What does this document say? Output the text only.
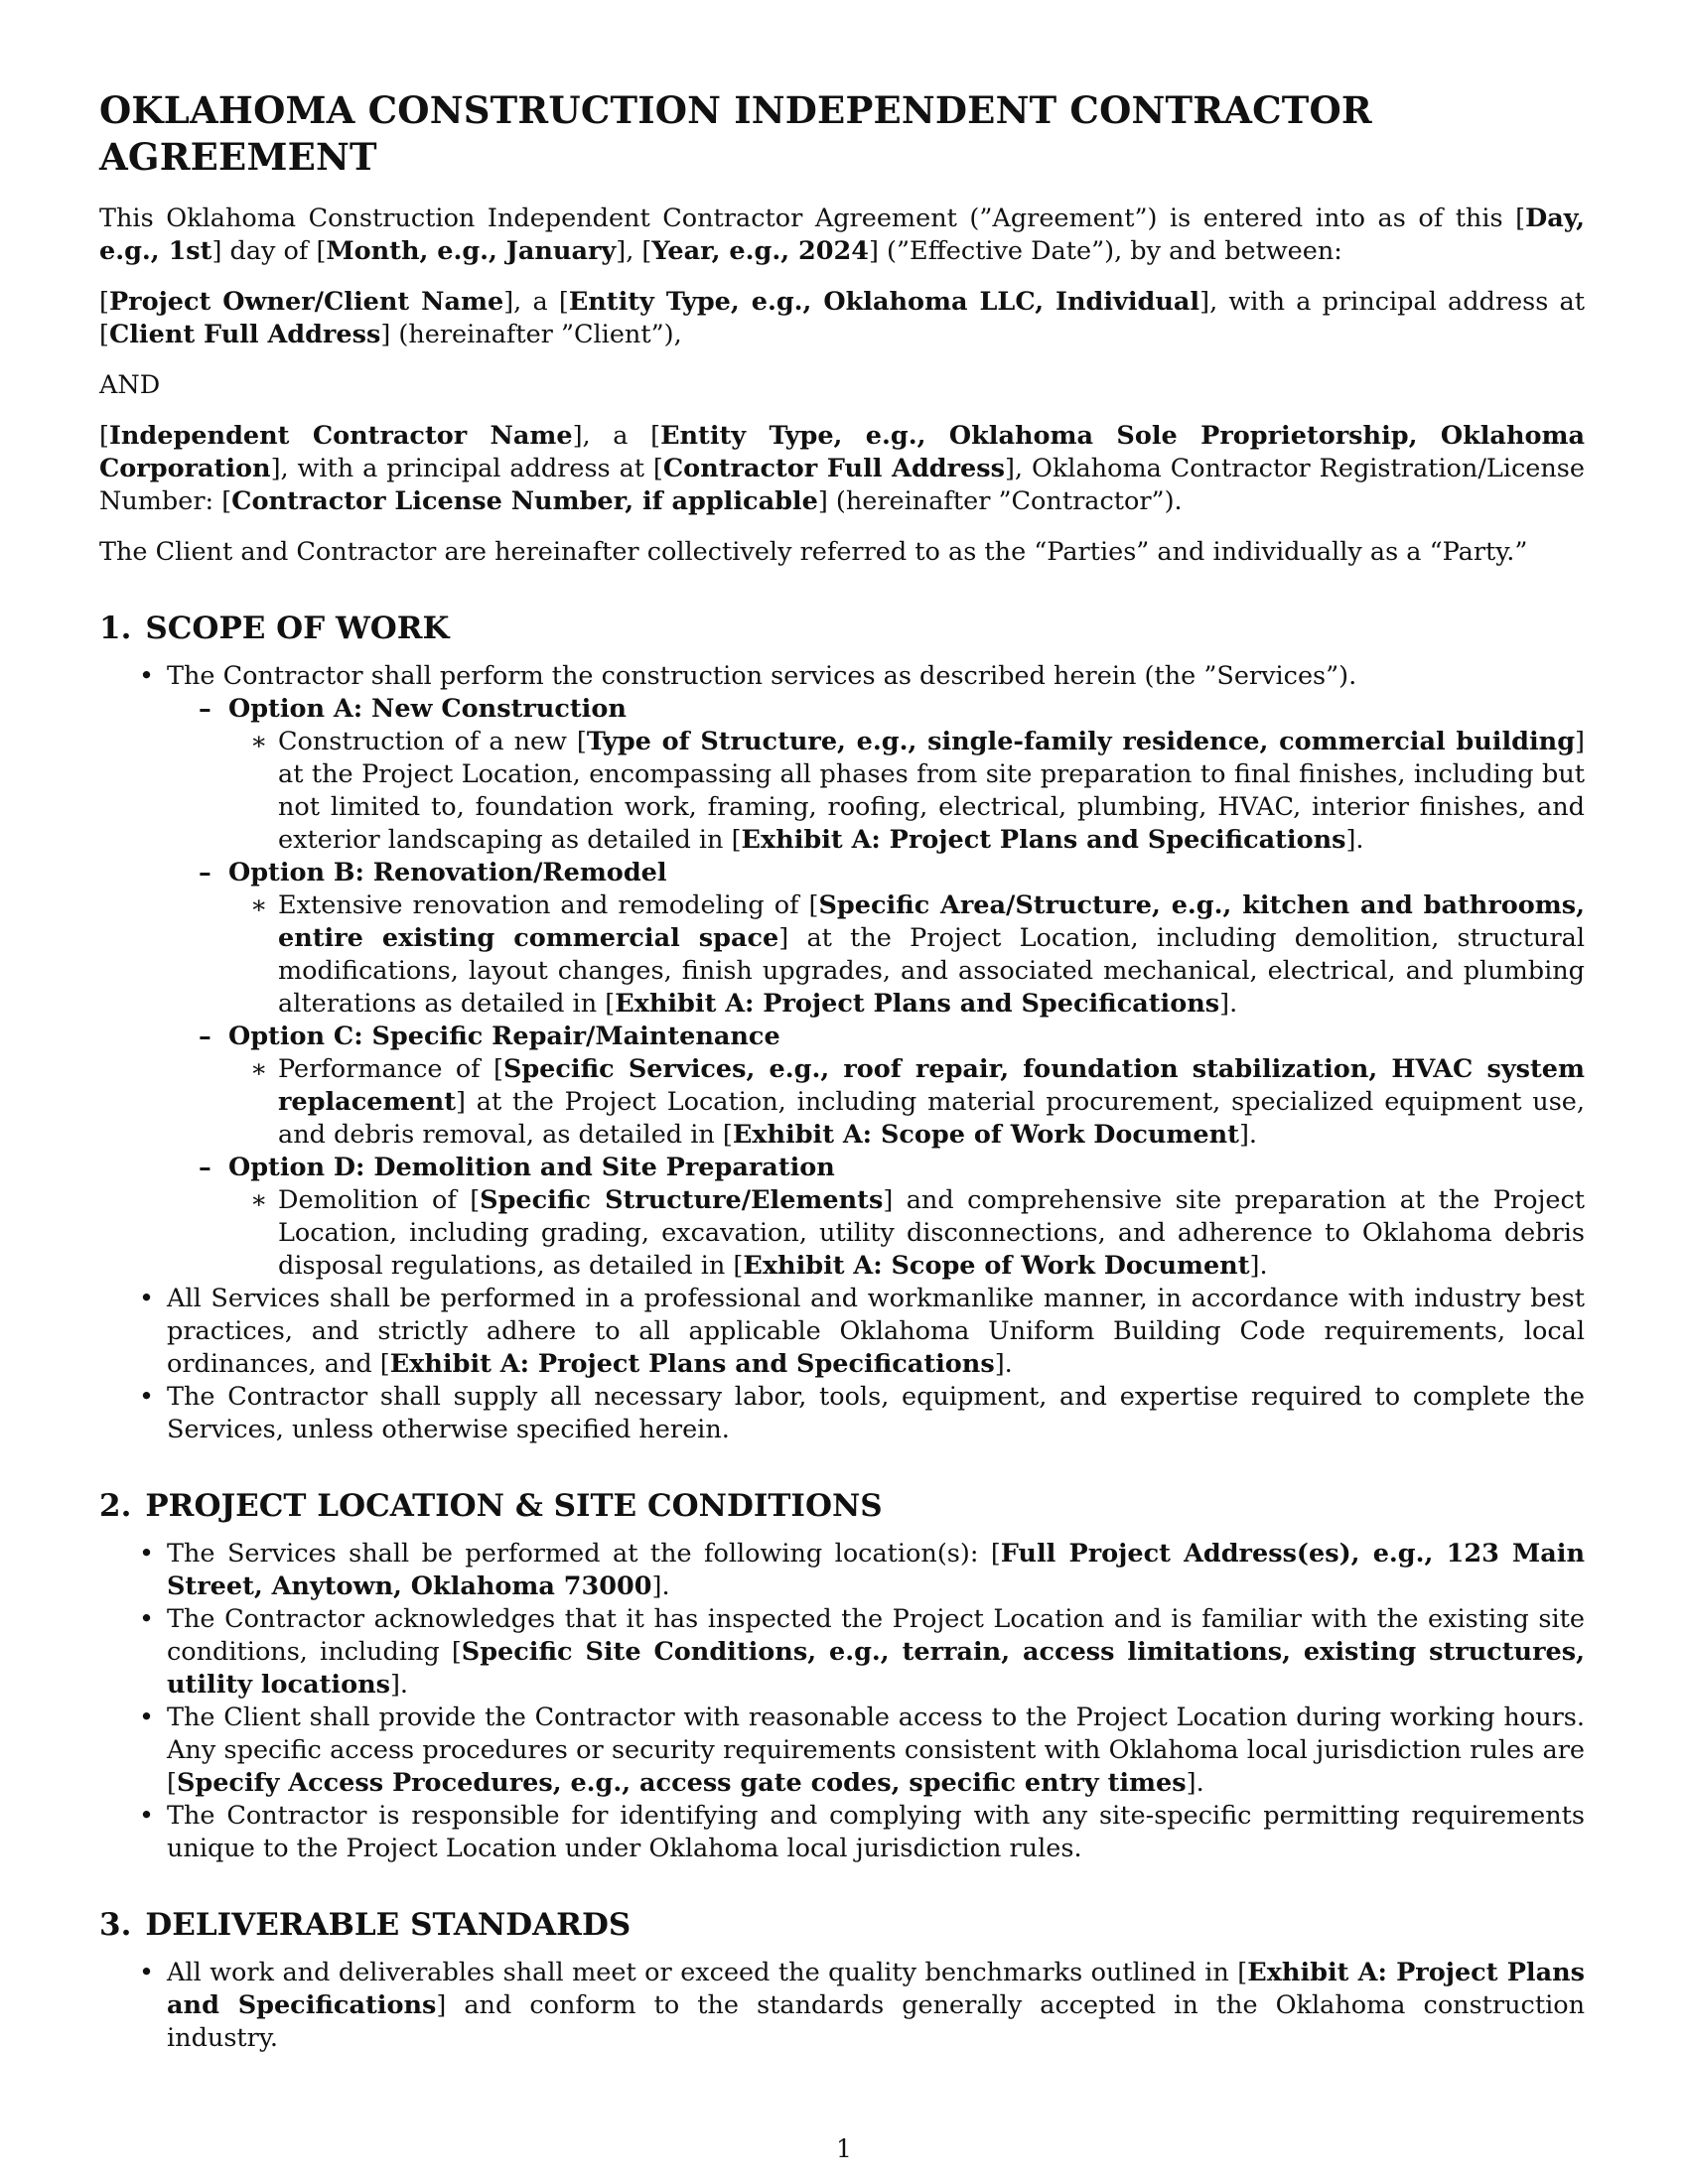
OKLAHOMA CONSTRUCTION INDEPENDENT CONTRACTOR AGREEMENT

This Oklahoma Construction Independent Contractor Agreement (”Agreement”) is entered into as of this [Day, e.g., 1st] day of [Month, e.g., January], [Year, e.g., 2024] (”Effective Date”), by and between:

[Project Owner/Client Name], a [Entity Type, e.g., Oklahoma LLC, Individual], with a principal address at [Client Full Address] (hereinafter ”Client”),

AND

[Independent Contractor Name], a [Entity Type, e.g., Oklahoma Sole Proprietorship, Oklahoma Corporation], with a principal address at [Contractor Full Address], Oklahoma Contractor Registration/License Number: [Contractor License Number, if applicable] (hereinafter ”Contractor”).

The Client and Contractor are hereinafter collectively referred to as the “Parties” and individually as a “Party.”

1. SCOPE OF WORK
• The Contractor shall perform the construction services as described herein (the ”Services”).
– Option A: New Construction
∗ Construction of a new [Type of Structure, e.g., single-family residence, commercial building] at the Project Location, encompassing all phases from site preparation to final finishes, including but not limited to, foundation work, framing, roofing, electrical, plumbing, HVAC, interior finishes, and exterior landscaping as detailed in [Exhibit A: Project Plans and Specifications].
– Option B: Renovation/Remodel
∗ Extensive renovation and remodeling of [Specific Area/Structure, e.g., kitchen and bathrooms, entire existing commercial space] at the Project Location, including demolition, structural modifications, layout changes, finish upgrades, and associated mechanical, electrical, and plumbing alterations as detailed in [Exhibit A: Project Plans and Specifications].
– Option C: Specific Repair/Maintenance
∗ Performance of [Specific Services, e.g., roof repair, foundation stabilization, HVAC system replacement] at the Project Location, including material procurement, specialized equipment use, and debris removal, as detailed in [Exhibit A: Scope of Work Document].
– Option D: Demolition and Site Preparation
∗ Demolition of [Specific Structure/Elements] and comprehensive site preparation at the Project Location, including grading, excavation, utility disconnections, and adherence to Oklahoma debris disposal regulations, as detailed in [Exhibit A: Scope of Work Document].
• All Services shall be performed in a professional and workmanlike manner, in accordance with industry best practices, and strictly adhere to all applicable Oklahoma Uniform Building Code requirements, local ordinances, and [Exhibit A: Project Plans and Specifications].
• The Contractor shall supply all necessary labor, tools, equipment, and expertise required to complete the Services, unless otherwise specified herein.
2. PROJECT LOCATION & SITE CONDITIONS
• The Services shall be performed at the following location(s): [Full Project Address(es), e.g., 123 Main Street, Anytown, Oklahoma 73000].
• The Contractor acknowledges that it has inspected the Project Location and is familiar with the existing site conditions, including [Specific Site Conditions, e.g., terrain, access limitations, existing structures, utility locations].
• The Client shall provide the Contractor with reasonable access to the Project Location during working hours. Any specific access procedures or security requirements consistent with Oklahoma local jurisdiction rules are [Specify Access Procedures, e.g., access gate codes, specific entry times].
• The Contractor is responsible for identifying and complying with any site-specific permitting requirements unique to the Project Location under Oklahoma local jurisdiction rules.
3. DELIVERABLE STANDARDS
• All work and deliverables shall meet or exceed the quality benchmarks outlined in [Exhibit A: Project Plans and Specifications] and conform to the standards generally accepted in the Oklahoma construction industry.
1
